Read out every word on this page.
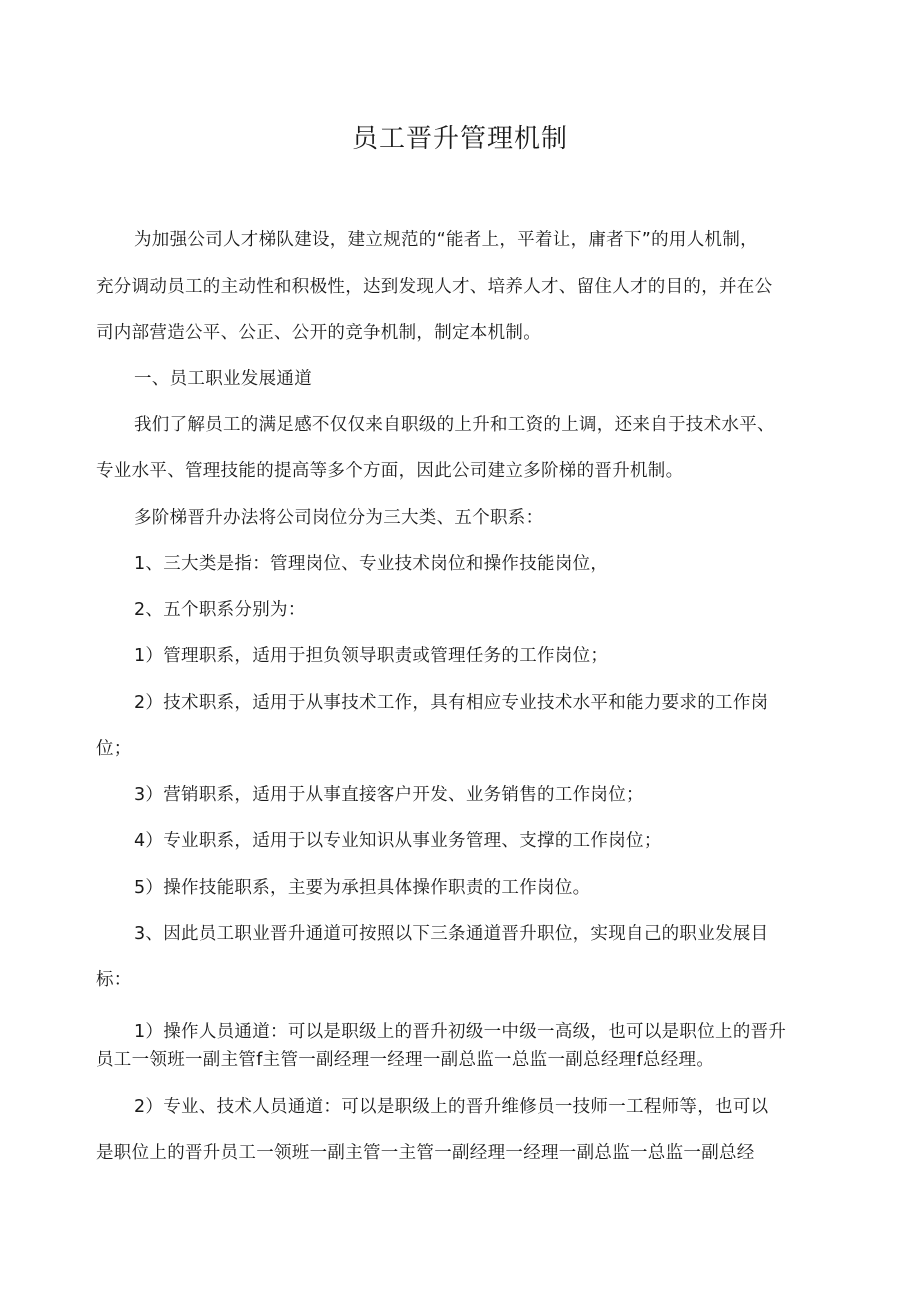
员工晋升管理机制

为加强公司人才梯队建设，建立规范的“能者上，平着让，庸者下”的用人机制，

充分调动员工的主动性和积极性，达到发现人才、培养人才、留住人才的目的，并在公

司内部营造公平、公正、公开的竞争机制，制定本机制。

一、员工职业发展通道

我们了解员工的满足感不仅仅来自职级的上升和工资的上调，还来自于技术水平、

专业水平、管理技能的提高等多个方面，因此公司建立多阶梯的晋升机制。

多阶梯晋升办法将公司岗位分为三大类、五个职系：

1、三大类是指：管理岗位、专业技术岗位和操作技能岗位，

2、五个职系分别为：

1）管理职系，适用于担负领导职责或管理任务的工作岗位；

2）技术职系，适用于从事技术工作，具有相应专业技术水平和能力要求的工作岗

位；

3）营销职系，适用于从事直接客户开发、业务销售的工作岗位；

4）专业职系，适用于以专业知识从事业务管理、支撑的工作岗位；

5）操作技能职系，主要为承担具体操作职责的工作岗位。

3、因此员工职业晋升通道可按照以下三条通道晋升职位，实现自己的职业发展目

标：

1）操作人员通道：可以是职级上的晋升初级一中级一高级，也可以是职位上的晋升

员工一领班一副主管f主管一副经理一经理一副总监一总监一副总经理f总经理。

2）专业、技术人员通道：可以是职级上的晋升维修员一技师一工程师等，也可以

是职位上的晋升员工一领班一副主管一主管一副经理一经理一副总监一总监一副总经
